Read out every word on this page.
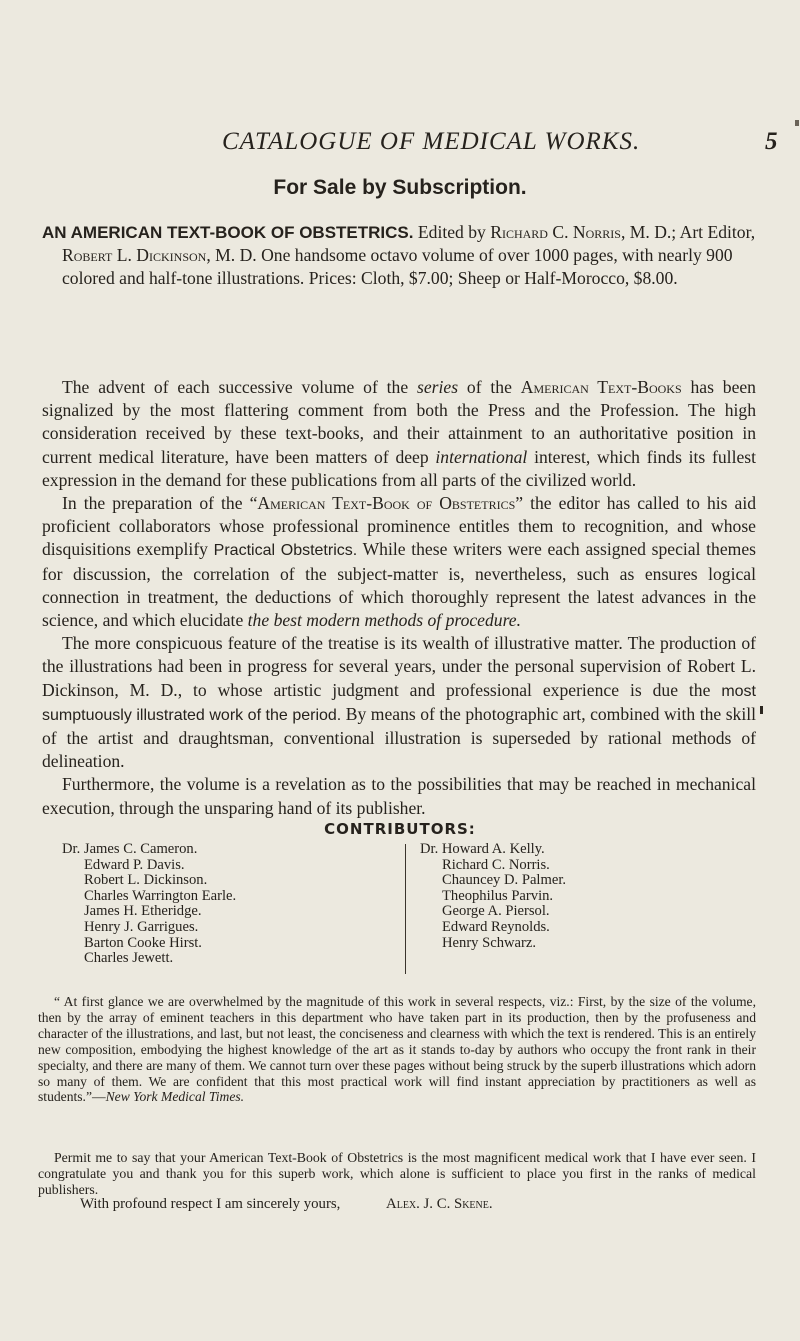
CATALOGUE OF MEDICAL WORKS.	5
For Sale by Subscription.

AN AMERICAN TEXT-BOOK OF OBSTETRICS. Edited by Richard C. Norris, M. D.; Art Editor, Robert L. Dickinson, M. D. One handsome octavo volume of over 1000 pages, with nearly 900 colored and half-tone illustrations. Prices: Cloth, $7.00; Sheep or Half-Morocco, $8.00.

The advent of each successive volume of the series of the American Text-Books has been signalized by the most flattering comment from both the Press and the Profession. The high consideration received by these text-books, and their attainment to an authoritative position in current medical literature, have been matters of deep international interest, which finds its fullest expression in the demand for these publications from all parts of the civilized world.

In the preparation of the “American Text-Book of Obstetrics” the editor has called to his aid proficient collaborators whose professional prominence entitles them to recognition, and whose disquisitions exemplify Practical Obstetrics. While these writers were each assigned special themes for discussion, the correlation of the subject-matter is, nevertheless, such as ensures logical connection in treatment, the deductions of which thoroughly represent the latest advances in the science, and which elucidate the best modern methods of procedure.

The more conspicuous feature of the treatise is its wealth of illustrative matter. The production of the illustrations had been in progress for several years, under the personal supervision of Robert L. Dickinson, M. D., to whose artistic judgment and professional experience is due the most sumptuously illustrated work of the period. By means of the photographic art, combined with the skill of the artist and draughtsman, conventional illustration is superseded by rational methods of delineation.

Furthermore, the volume is a revelation as to the possibilities that may be reached in mechanical execution, through the unsparing hand of its publisher.

CONTRIBUTORS:
Dr. James C. Cameron.
Edward P. Davis.
Robert L. Dickinson.
Charles Warrington Earle.
James H. Etheridge.
Henry J. Garrigues.
Barton Cooke Hirst.
Charles Jewett.
Dr. Howard A. Kelly.
Richard C. Norris.
Chauncey D. Palmer.
Theophilus Parvin.
George A. Piersol.
Edward Reynolds.
Henry Schwarz.

“ At first glance we are overwhelmed by the magnitude of this work in several respects, viz.: First, by the size of the volume, then by the array of eminent teachers in this department who have taken part in its production, then by the profuseness and character of the illustrations, and last, but not least, the conciseness and clearness with which the text is rendered. This is an entirely new composition, embodying the highest knowledge of the art as it stands to-day by authors who occupy the front rank in their specialty, and there are many of them. We cannot turn over these pages without being struck by the superb illustrations which adorn so many of them. We are confident that this most practical work will find instant appreciation by practitioners as well as students.”—New York Medical Times.

Permit me to say that your American Text-Book of Obstetrics is the most magnificent medical work that I have ever seen. I congratulate you and thank you for this superb work, which alone is sufficient to place you first in the ranks of medical publishers.

With profound respect I am sincerely yours,	Alex. J. C. Skene.
